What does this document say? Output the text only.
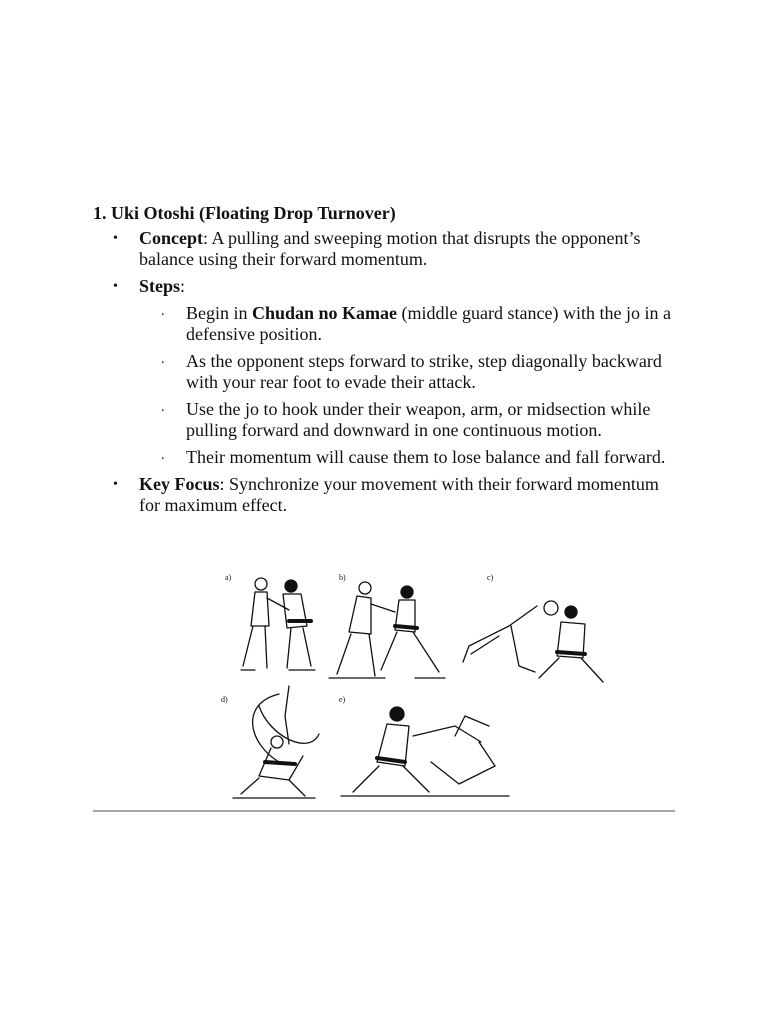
1. Uki Otoshi (Floating Drop Turnover)
• Concept: A pulling and sweeping motion that disrupts the opponent’s balance using their forward momentum.
• Steps:
. Begin in Chudan no Kamae (middle guard stance) with the jo in a defensive position.
. As the opponent steps forward to strike, step diagonally backward with your rear foot to evade their attack.
. Use the jo to hook under their weapon, arm, or midsection while pulling forward and downward in one continuous motion.
. Their momentum will cause them to lose balance and fall forward.
• Key Focus: Synchronize your movement with their forward momentum for maximum effect.
a)	b)	c)
d)	e)
